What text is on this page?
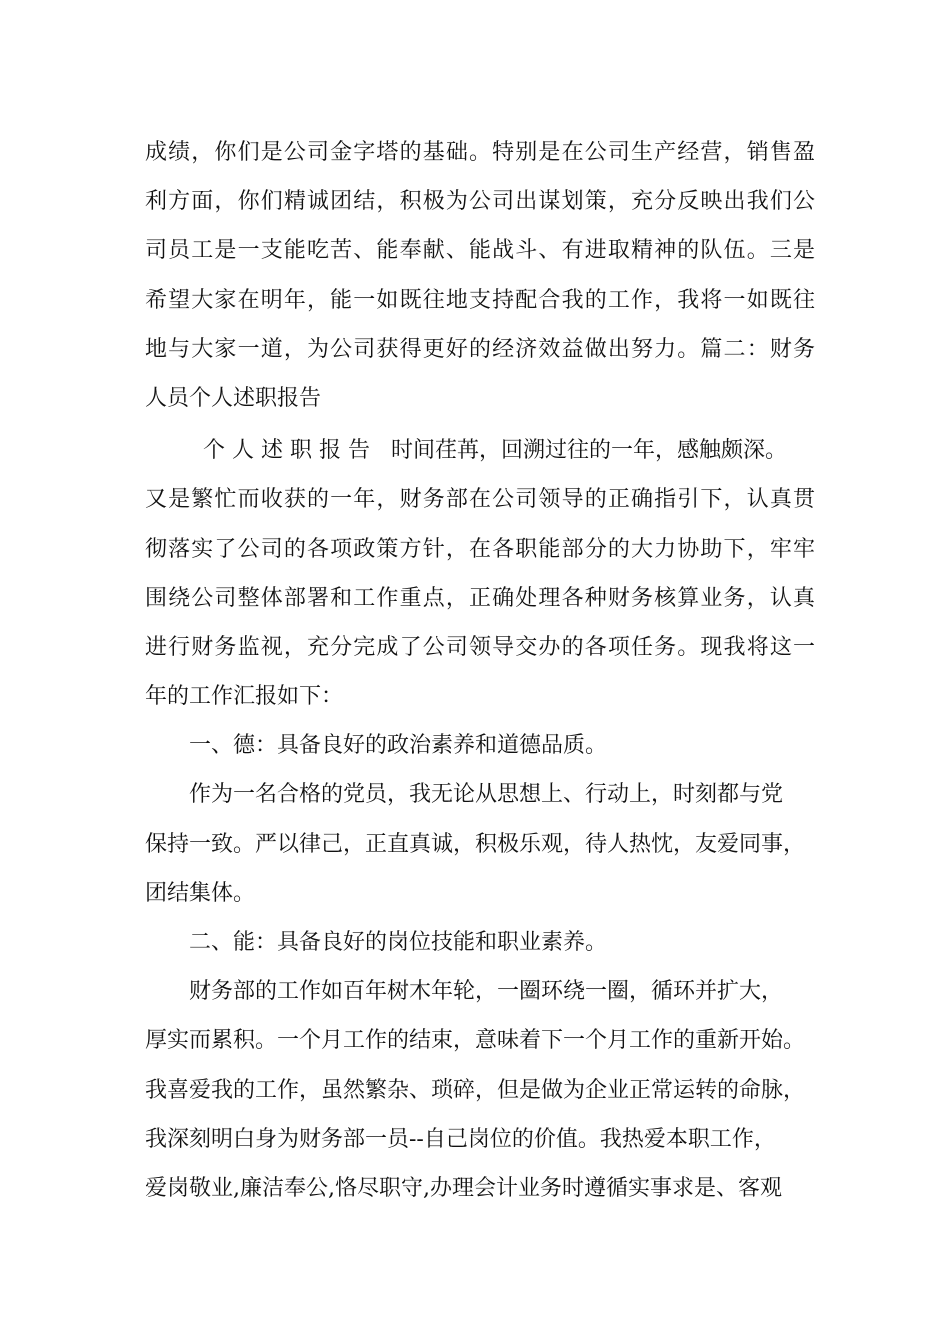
成绩，你们是公司金字塔的基础。特别是在公司生产经营，销售盈
利方面，你们精诚团结，积极为公司出谋划策，充分反映出我们公
司员工是一支能吃苦、能奉献、能战斗、有进取精神的队伍。三是
希望大家在明年，能一如既往地支持配合我的工作，我将一如既往
地与大家一道，为公司获得更好的经济效益做出努力。篇二：财务
人员个人述职报告
个 人 述 职 报 告   时间荏苒，回溯过往的一年，感触颇深。
又是繁忙而收获的一年，财务部在公司领导的正确指引下，认真贯
彻落实了公司的各项政策方针，在各职能部分的大力协助下，牢牢
围绕公司整体部署和工作重点，正确处理各种财务核算业务，认真
进行财务监视，充分完成了公司领导交办的各项任务。现我将这一
年的工作汇报如下：
一、德：具备良好的政治素养和道德品质。
作为一名合格的党员，我无论从思想上、行动上，时刻都与党
保持一致。严以律己，正直真诚，积极乐观，待人热忱，友爱同事，
团结集体。
二、能：具备良好的岗位技能和职业素养。
财务部的工作如百年树木年轮，一圈环绕一圈，循环并扩大，
厚实而累积。一个月工作的结束，意味着下一个月工作的重新开始。
我喜爱我的工作，虽然繁杂、琐碎，但是做为企业正常运转的命脉，
我深刻明白身为财务部一员--自己岗位的价值。我热爱本职工作，
爱岗敬业,廉洁奉公,恪尽职守,办理会计业务时遵循实事求是、客观
